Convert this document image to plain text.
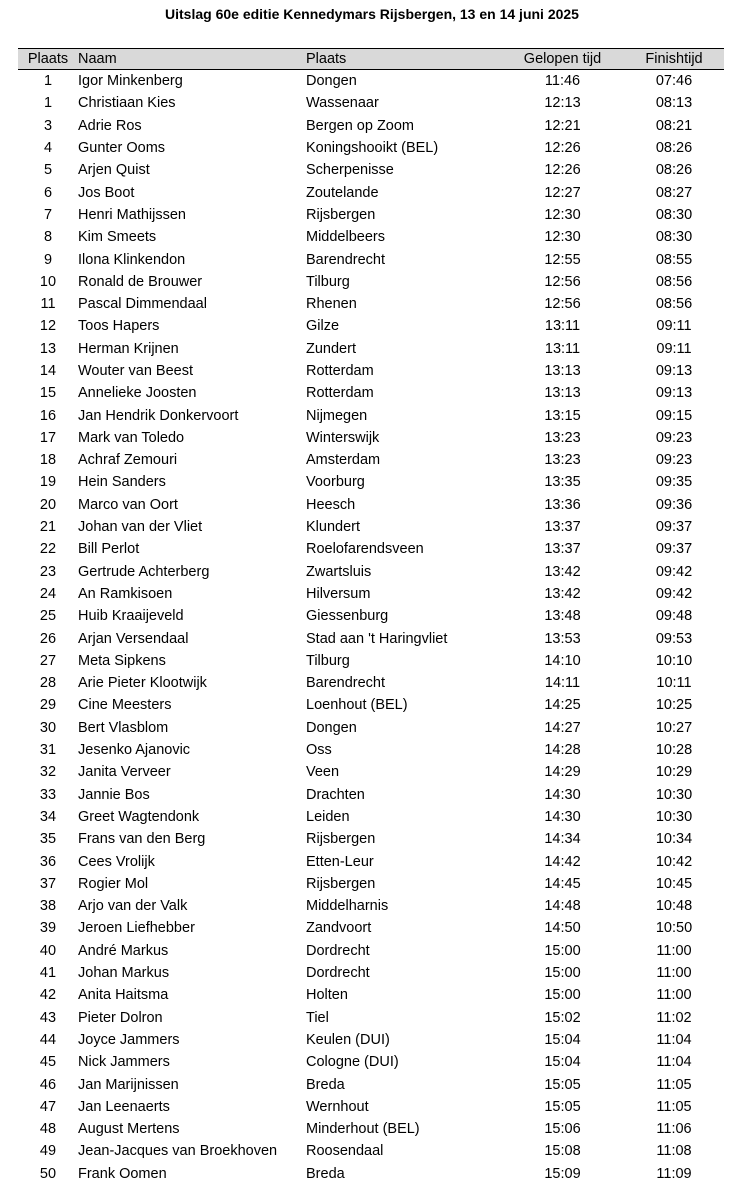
Uitslag 60e editie Kennedymars Rijsbergen, 13 en 14 juni 2025
Plaats	Naam	Plaats	Gelopen tijd	Finishtijd
1	Igor Minkenberg	Dongen	11:46	07:46
1	Christiaan Kies	Wassenaar	12:13	08:13
3	Adrie Ros	Bergen op Zoom	12:21	08:21
4	Gunter Ooms	Koningshooikt (BEL)	12:26	08:26
5	Arjen Quist	Scherpenisse	12:26	08:26
6	Jos Boot	Zoutelande	12:27	08:27
7	Henri Mathijssen	Rijsbergen	12:30	08:30
8	Kim Smeets	Middelbeers	12:30	08:30
9	Ilona Klinkendon	Barendrecht	12:55	08:55
10	Ronald de Brouwer	Tilburg	12:56	08:56
11	Pascal Dimmendaal	Rhenen	12:56	08:56
12	Toos Hapers	Gilze	13:11	09:11
13	Herman Krijnen	Zundert	13:11	09:11
14	Wouter van Beest	Rotterdam	13:13	09:13
15	Annelieke Joosten	Rotterdam	13:13	09:13
16	Jan Hendrik Donkervoort	Nijmegen	13:15	09:15
17	Mark van Toledo	Winterswijk	13:23	09:23
18	Achraf Zemouri	Amsterdam	13:23	09:23
19	Hein Sanders	Voorburg	13:35	09:35
20	Marco van Oort	Heesch	13:36	09:36
21	Johan van der Vliet	Klundert	13:37	09:37
22	Bill Perlot	Roelofarendsveen	13:37	09:37
23	Gertrude Achterberg	Zwartsluis	13:42	09:42
24	An Ramkisoen	Hilversum	13:42	09:42
25	Huib Kraaijeveld	Giessenburg	13:48	09:48
26	Arjan Versendaal	Stad aan 't Haringvliet	13:53	09:53
27	Meta Sipkens	Tilburg	14:10	10:10
28	Arie Pieter Klootwijk	Barendrecht	14:11	10:11
29	Cine Meesters	Loenhout (BEL)	14:25	10:25
30	Bert Vlasblom	Dongen	14:27	10:27
31	Jesenko Ajanovic	Oss	14:28	10:28
32	Janita Verveer	Veen	14:29	10:29
33	Jannie Bos	Drachten	14:30	10:30
34	Greet Wagtendonk	Leiden	14:30	10:30
35	Frans van den Berg	Rijsbergen	14:34	10:34
36	Cees Vrolijk	Etten-Leur	14:42	10:42
37	Rogier Mol	Rijsbergen	14:45	10:45
38	Arjo van der Valk	Middelharnis	14:48	10:48
39	Jeroen Liefhebber	Zandvoort	14:50	10:50
40	André Markus	Dordrecht	15:00	11:00
41	Johan Markus	Dordrecht	15:00	11:00
42	Anita Haitsma	Holten	15:00	11:00
43	Pieter Dolron	Tiel	15:02	11:02
44	Joyce Jammers	Keulen (DUI)	15:04	11:04
45	Nick Jammers	Cologne (DUI)	15:04	11:04
46	Jan Marijnissen	Breda	15:05	11:05
47	Jan Leenaerts	Wernhout	15:05	11:05
48	August Mertens	Minderhout (BEL)	15:06	11:06
49	Jean-Jacques van Broekhoven	Roosendaal	15:08	11:08
50	Frank Oomen	Breda	15:09	11:09
